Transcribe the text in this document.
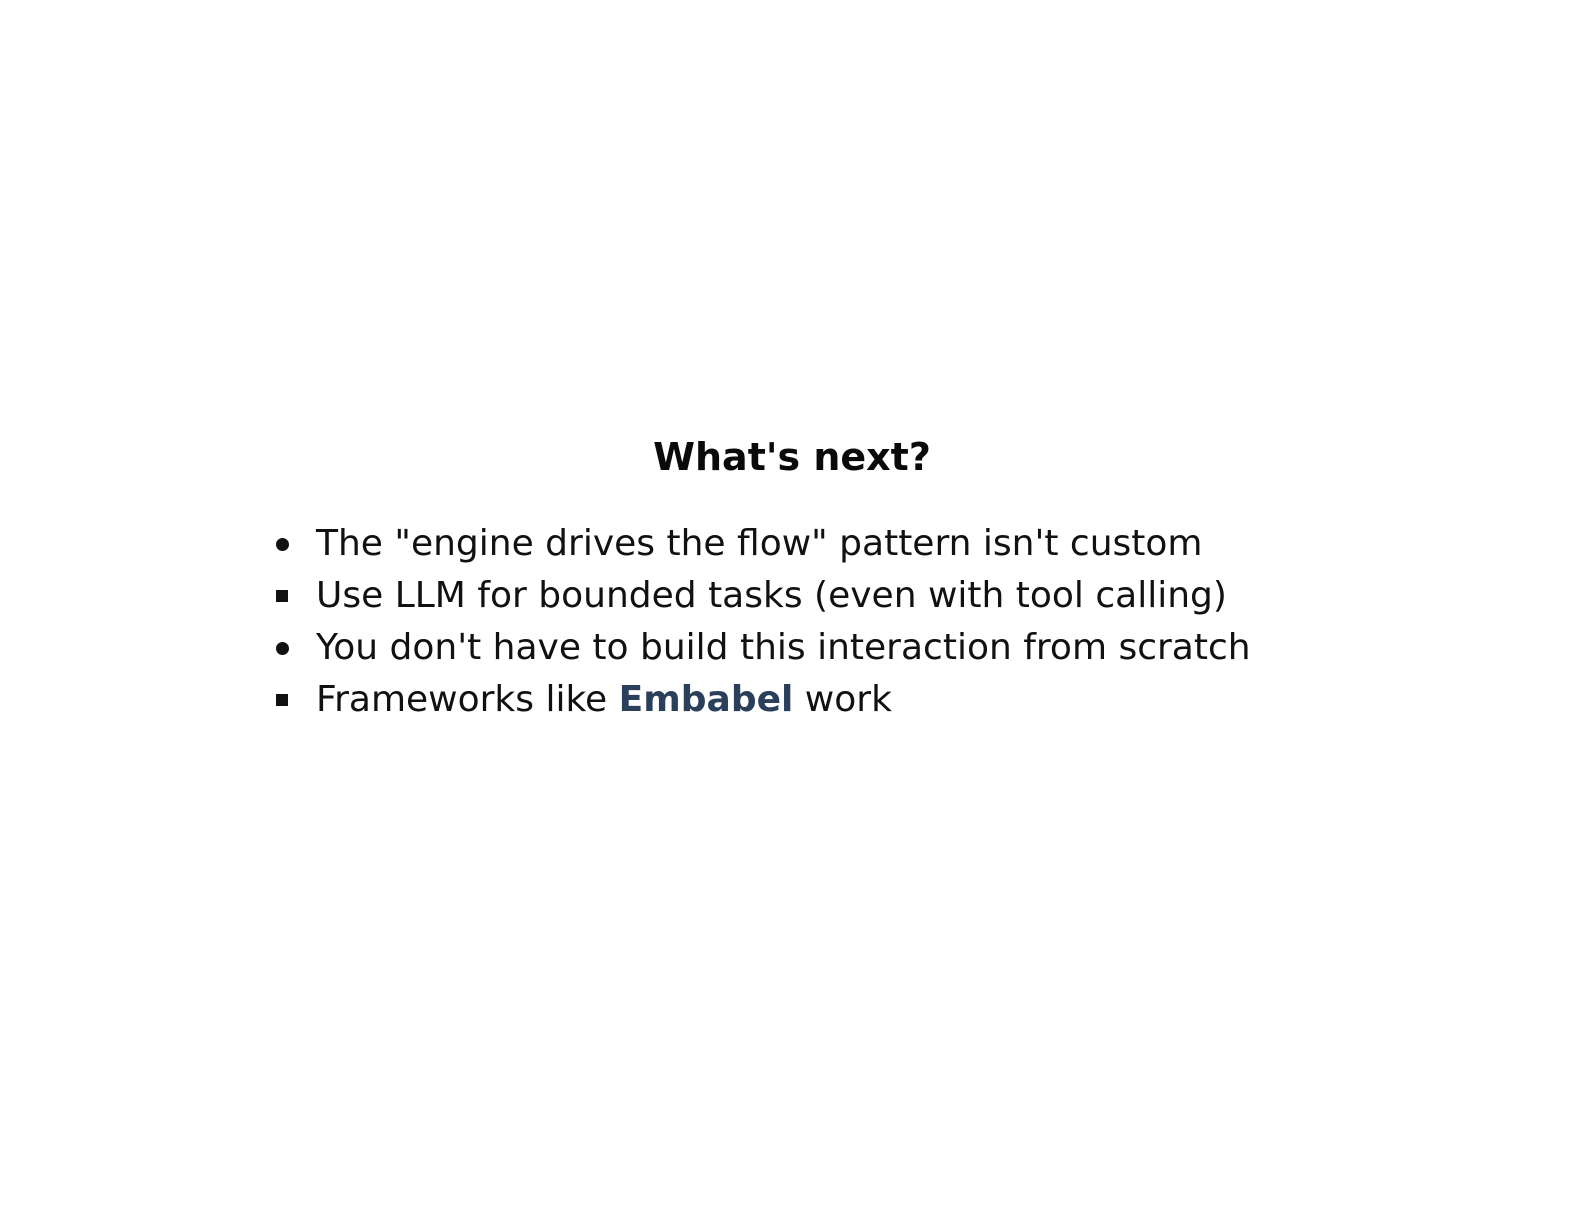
What's next?
The "engine drives the flow" pattern isn't custom
Use LLM for bounded tasks (even with tool calling)
You don't have to build this interaction from scratch
Frameworks like Embabel work
